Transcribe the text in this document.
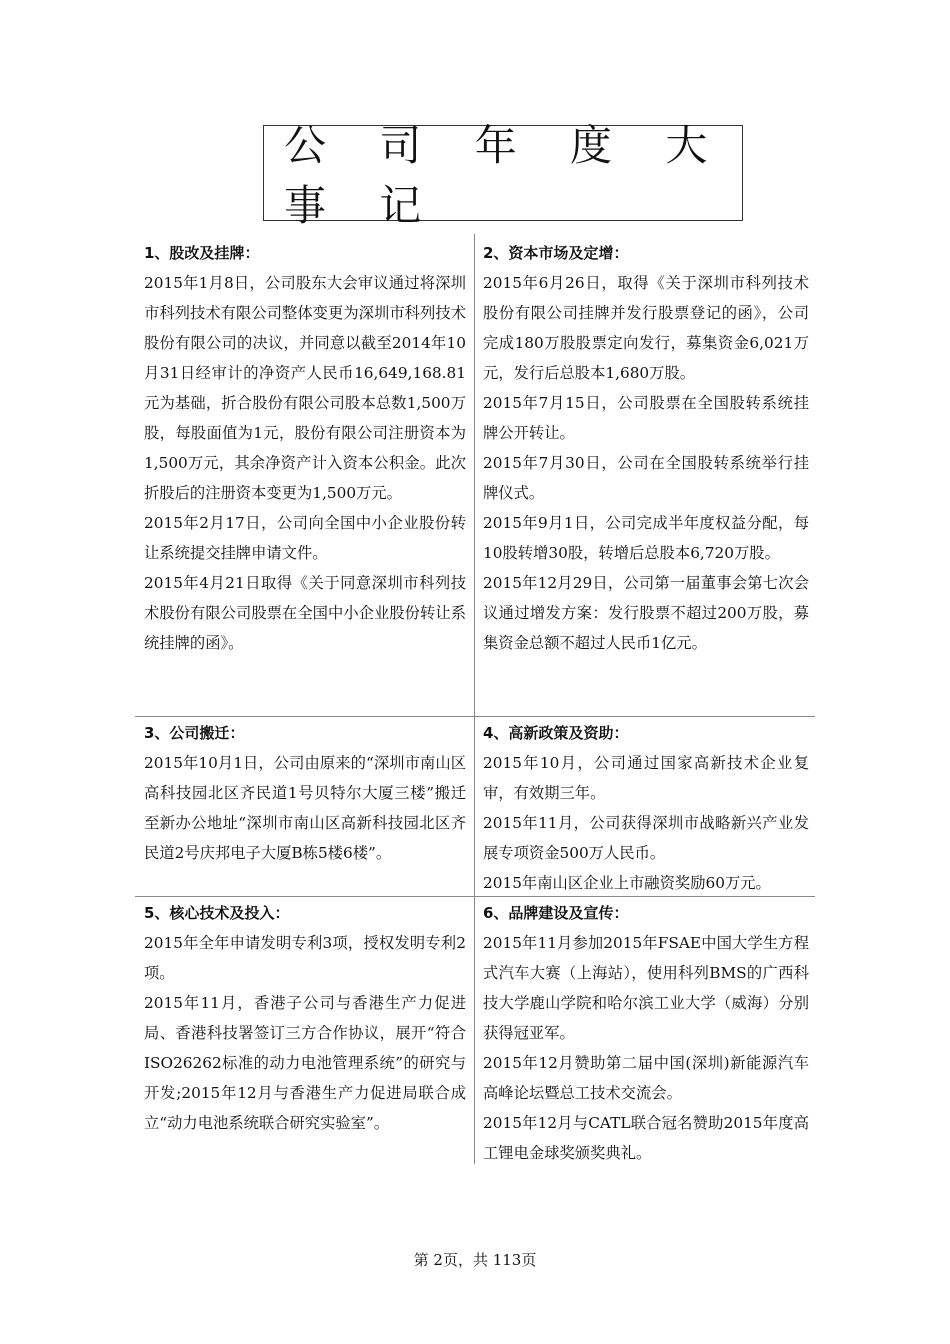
公 司 年 度 大 事 记

1、股改及挂牌：

2015年1月8日，公司股东大会审议通过将深圳市科列技术有限公司整体变更为深圳市科列技术股份有限公司的决议，并同意以截至2014年10月31日经审计的净资产人民币16,649,168.81元为基础，折合股份有限公司股本总数1,500万股，每股面值为1元，股份有限公司注册资本为1,500万元，其余净资产计入资本公积金。此次折股后的注册资本变更为1,500万元。

2015年2月17日，公司向全国中小企业股份转让系统提交挂牌申请文件。

2015年4月21日取得《关于同意深圳市科列技术股份有限公司股票在全国中小企业股份转让系统挂牌的函》。

2、资本市场及定增：

2015年6月26日，取得《关于深圳市科列技术股份有限公司挂牌并发行股票登记的函》，公司完成180万股股票定向发行，募集资金6,021万元，发行后总股本1,680万股。

2015年7月15日，公司股票在全国股转系统挂牌公开转让。

2015年7月30日，公司在全国股转系统举行挂牌仪式。

2015年9月1日，公司完成半年度权益分配，每10股转增30股，转增后总股本6,720万股。

2015年12月29日，公司第一届董事会第七次会议通过增发方案：发行股票不超过200万股，募集资金总额不超过人民币1亿元。

3、公司搬迁：

2015年10月1日，公司由原来的“深圳市南山区高科技园北区齐民道1号贝特尔大厦三楼”搬迁至新办公地址“深圳市南山区高新科技园北区齐民道2号庆邦电子大厦B栋5楼6楼”。

4、高新政策及资助：

2015年10月，公司通过国家高新技术企业复审，有效期三年。

2015年11月，公司获得深圳市战略新兴产业发展专项资金500万人民币。

2015年南山区企业上市融资奖励60万元。

5、核心技术及投入：

2015年全年申请发明专利3项，授权发明专利2项。

2015年11月，香港子公司与香港生产力促进局、香港科技署签订三方合作协议，展开“符合ISO26262标准的动力电池管理系统”的研究与开发;2015年12月与香港生产力促进局联合成立“动力电池系统联合研究实验室”。

6、品牌建设及宣传：

2015年11月参加2015年FSAE中国大学生方程式汽车大赛（上海站），使用科列BMS的广西科技大学鹿山学院和哈尔滨工业大学（威海）分别获得冠亚军。

2015年12月赞助第二届中国(深圳)新能源汽车高峰论坛暨总工技术交流会。

2015年12月与CATL联合冠名赞助2015年度高工锂电金球奖颁奖典礼。

第 2页，共 113页
